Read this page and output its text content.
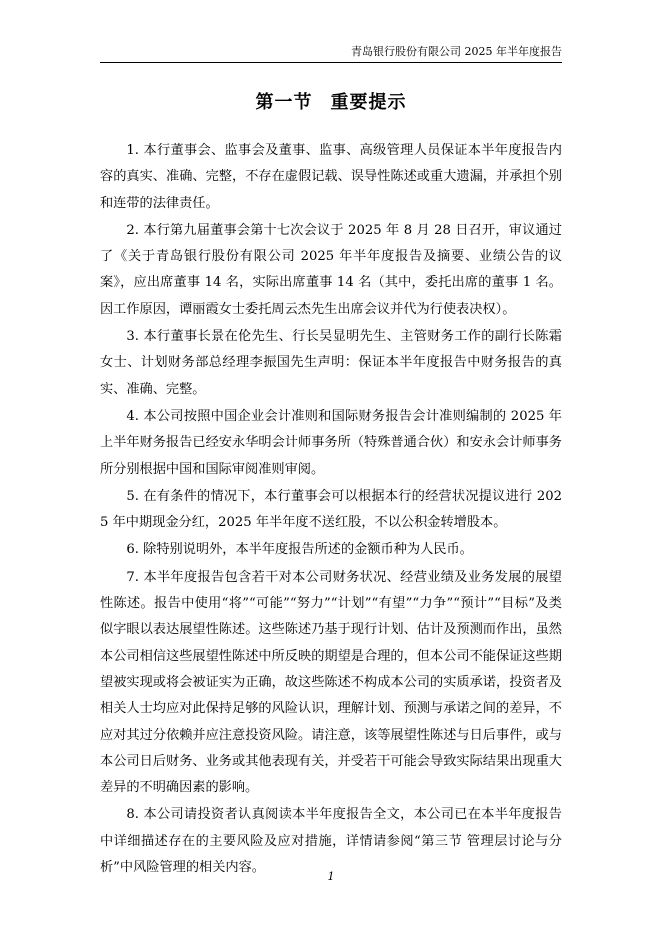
青岛银行股份有限公司 2025 年半年度报告
第一节 重要提示

1. 本行董事会、监事会及董事、监事、高级管理人员保证本半年度报告内容的真实、准确、完整，不存在虚假记载、误导性陈述或重大遗漏，并承担个别和连带的法律责任。

2. 本行第九届董事会第十七次会议于 2025 年 8 月 28 日召开，审议通过了《关于青岛银行股份有限公司 2025 年半年度报告及摘要、业绩公告的议案》，应出席董事 14 名，实际出席董事 14 名（其中，委托出席的董事 1 名。因工作原因，谭丽霞女士委托周云杰先生出席会议并代为行使表决权）。

3. 本行董事长景在伦先生、行长吴显明先生、主管财务工作的副行长陈霜女士、计划财务部总经理李振国先生声明：保证本半年度报告中财务报告的真实、准确、完整。

4. 本公司按照中国企业会计准则和国际财务报告会计准则编制的 2025 年上半年财务报告已经安永华明会计师事务所（特殊普通合伙）和安永会计师事务所分别根据中国和国际审阅准则审阅。

5. 在有条件的情况下，本行董事会可以根据本行的经营状况提议进行 2025 年中期现金分红，2025 年半年度不送红股，不以公积金转增股本。

6. 除特别说明外，本半年度报告所述的金额币种为人民币。

7. 本半年度报告包含若干对本公司财务状况、经营业绩及业务发展的展望性陈述。报告中使用“将”“可能”“努力”“计划”“有望”“力争”“预计”“目标”及类似字眼以表达展望性陈述。这些陈述乃基于现行计划、估计及预测而作出，虽然本公司相信这些展望性陈述中所反映的期望是合理的，但本公司不能保证这些期望被实现或将会被证实为正确，故这些陈述不构成本公司的实质承诺，投资者及相关人士均应对此保持足够的风险认识，理解计划、预测与承诺之间的差异，不应对其过分依赖并应注意投资风险。请注意，该等展望性陈述与日后事件，或与本公司日后财务、业务或其他表现有关，并受若干可能会导致实际结果出现重大差异的不明确因素的影响。

8. 本公司请投资者认真阅读本半年度报告全文，本公司已在本半年度报告中详细描述存在的主要风险及应对措施，详情请参阅“第三节 管理层讨论与分析”中风险管理的相关内容。

1
